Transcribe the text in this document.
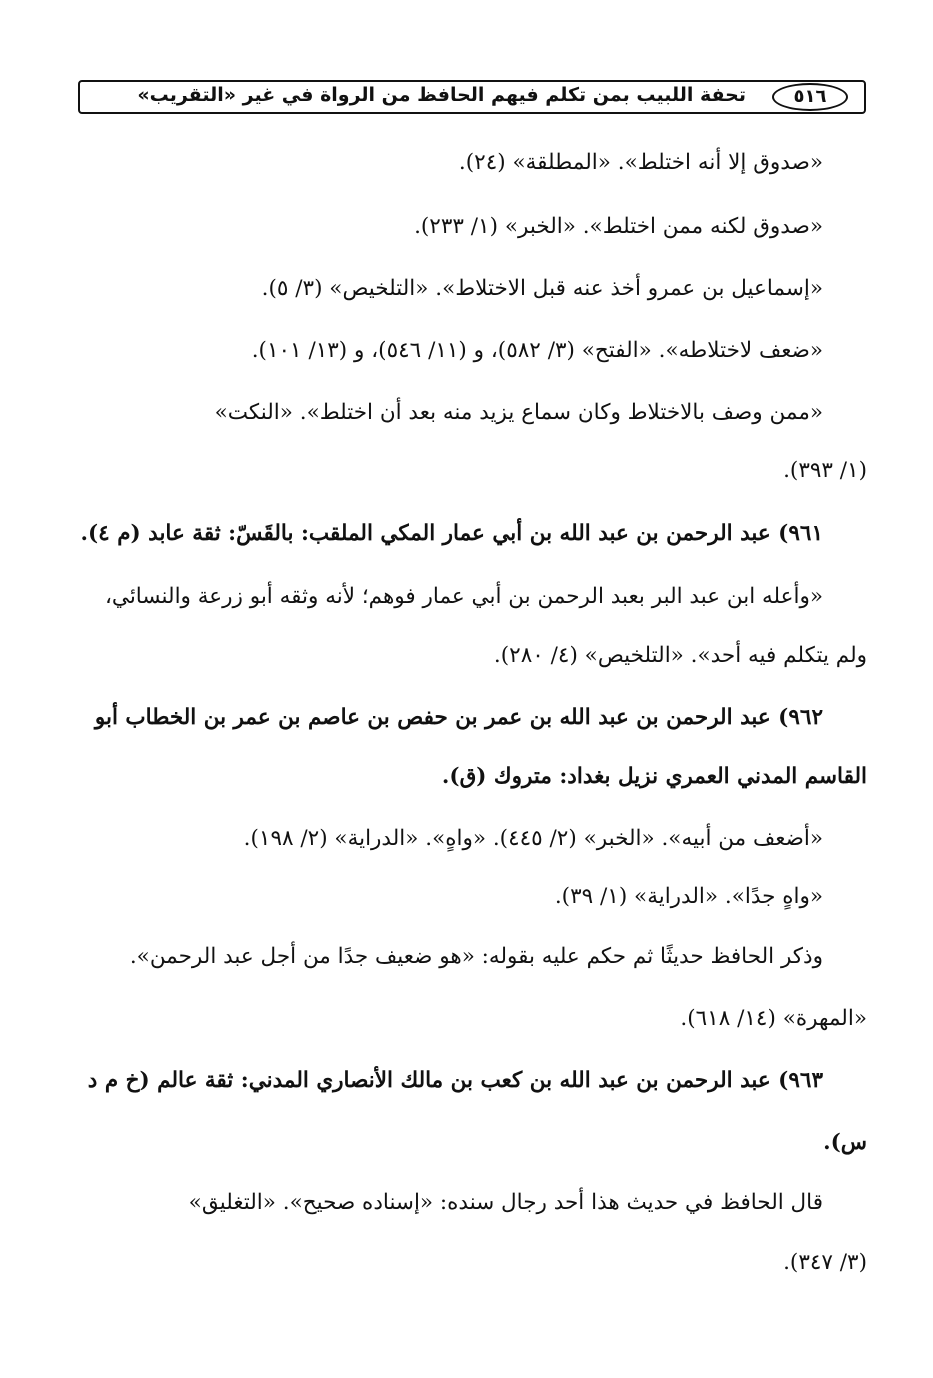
٥١٦
تحفة اللبيب بمن تكلم فيهم الحافظ من الرواة في غير «التقريب»
«صدوق إلا أنه اختلط». «المطلقة» (٢٤).
«صدوق لكنه ممن اختلط». «الخبر» (١/ ٢٣٣).
«إسماعيل بن عمرو أخذ عنه قبل الاختلاط». «التلخيص» (٣/ ٥).
«ضعف لاختلاطه». «الفتح» (٣/ ٥٨٢)، و (١١/ ٥٤٦)، و (١٣/ ١٠١).
«ممن وصف بالاختلاط وكان سماع يزيد منه بعد أن اختلط». «النكت»
(١/ ٣٩٣).
٩٦١) عبد الرحمن بن عبد الله بن أبي عمار المكي الملقب: بالقَسّ: ثقة عابد (م ٤).
«وأعله ابن عبد البر بعبد الرحمن بن أبي عمار فوهم؛ لأنه وثقه أبو زرعة والنسائي،
ولم يتكلم فيه أحد». «التلخيص» (٤/ ٢٨٠).
٩٦٢) عبد الرحمن بن عبد الله بن عمر بن حفص بن عاصم بن عمر بن الخطاب أبو
القاسم المدني العمري نزيل بغداد: متروك (ق).
«أضعف من أبيه». «الخبر» (٢/ ٤٤٥). «واهٍ». «الدراية» (٢/ ١٩٨).
«واهٍ جدًا». «الدراية» (١/ ٣٩).
وذكر الحافظ حديثًا ثم حكم عليه بقوله: «هو ضعيف جدًا من أجل عبد الرحمن».
«المهرة» (١٤/ ٦١٨).
٩٦٣) عبد الرحمن بن عبد الله بن كعب بن مالك الأنصاري المدني: ثقة عالم (خ م د
س).
قال الحافظ في حديث هذا أحد رجال سنده: «إسناده صحيح». «التغليق»
(٣/ ٣٤٧).
